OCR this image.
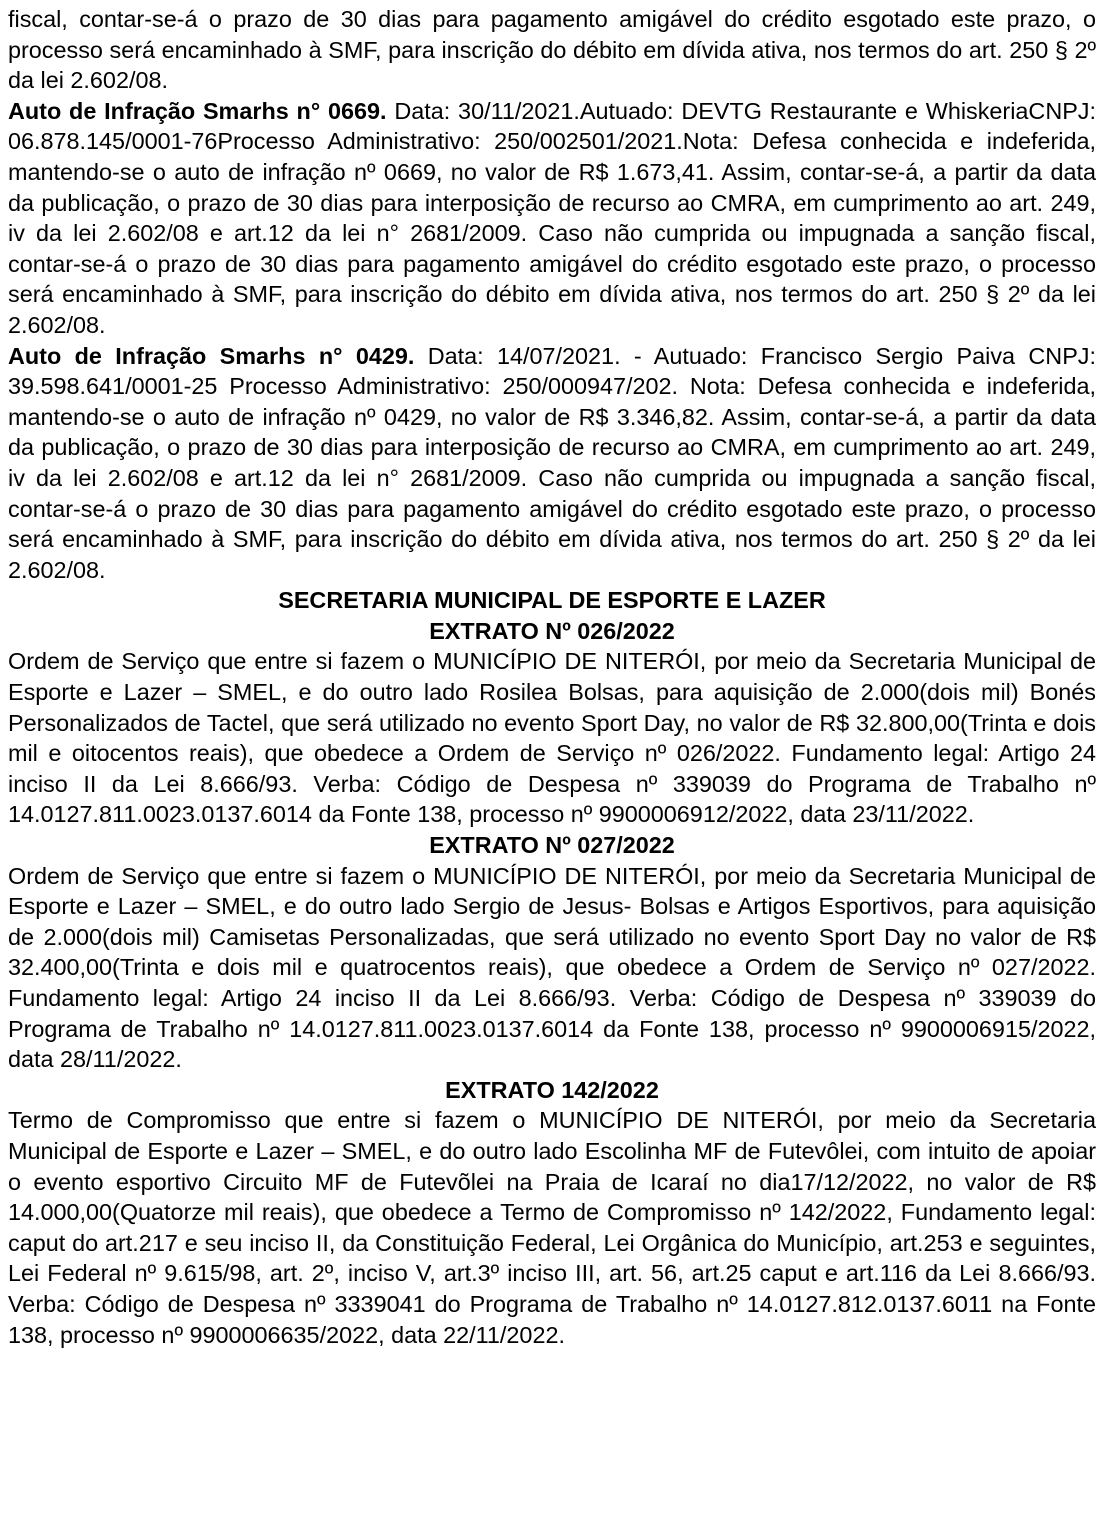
fiscal, contar-se-á o prazo de 30 dias para pagamento amigável do crédito esgotado este prazo, o processo será encaminhado à SMF, para inscrição do débito em dívida ativa, nos termos do art. 250 § 2º da lei 2.602/08.

Auto de Infração Smarhs n° 0669. Data: 30/11/2021.Autuado: DEVTG Restaurante e WhiskeriaCNPJ: 06.878.145/0001-76Processo Administrativo: 250/002501/2021.Nota: Defesa conhecida e indeferida, mantendo-se o auto de infração nº 0669, no valor de R$ 1.673,41. Assim, contar-se-á, a partir da data da publicação, o prazo de 30 dias para interposição de recurso ao CMRA, em cumprimento ao art. 249, iv da lei 2.602/08 e art.12 da lei n° 2681/2009. Caso não cumprida ou impugnada a sanção fiscal, contar-se-á o prazo de 30 dias para pagamento amigável do crédito esgotado este prazo, o processo será encaminhado à SMF, para inscrição do débito em dívida ativa, nos termos do art. 250 § 2º da lei 2.602/08.

Auto de Infração Smarhs n° 0429. Data: 14/07/2021. - Autuado: Francisco Sergio Paiva CNPJ: 39.598.641/0001-25 Processo Administrativo: 250/000947/202. Nota: Defesa conhecida e indeferida, mantendo-se o auto de infração nº 0429, no valor de R$ 3.346,82. Assim, contar-se-á, a partir da data da publicação, o prazo de 30 dias para interposição de recurso ao CMRA, em cumprimento ao art. 249, iv da lei 2.602/08 e art.12 da lei n° 2681/2009. Caso não cumprida ou impugnada a sanção fiscal, contar-se-á o prazo de 30 dias para pagamento amigável do crédito esgotado este prazo, o processo será encaminhado à SMF, para inscrição do débito em dívida ativa, nos termos do art. 250 § 2º da lei 2.602/08.

SECRETARIA MUNICIPAL DE ESPORTE E LAZER

EXTRATO Nº 026/2022

Ordem de Serviço que entre si fazem o MUNICÍPIO DE NITERÓI, por meio da Secretaria Municipal de Esporte e Lazer – SMEL, e do outro lado Rosilea Bolsas, para aquisição de 2.000(dois mil) Bonés Personalizados de Tactel, que será utilizado no evento Sport Day, no valor de R$ 32.800,00(Trinta e dois mil e oitocentos reais), que obedece a Ordem de Serviço nº 026/2022. Fundamento legal: Artigo 24 inciso II da Lei 8.666/93. Verba: Código de Despesa nº 339039 do Programa de Trabalho nº 14.0127.811.0023.0137.6014 da Fonte 138, processo nº 9900006912/2022, data 23/11/2022.

EXTRATO Nº 027/2022

Ordem de Serviço que entre si fazem o MUNICÍPIO DE NITERÓI, por meio da Secretaria Municipal de Esporte e Lazer – SMEL, e do outro lado Sergio de Jesus- Bolsas e Artigos Esportivos, para aquisição de 2.000(dois mil) Camisetas Personalizadas, que será utilizado no evento Sport Day no valor de R$ 32.400,00(Trinta e dois mil e quatrocentos reais), que obedece a Ordem de Serviço nº 027/2022. Fundamento legal: Artigo 24 inciso II da Lei 8.666/93. Verba: Código de Despesa nº 339039 do Programa de Trabalho nº 14.0127.811.0023.0137.6014 da Fonte 138, processo nº 9900006915/2022, data 28/11/2022.

EXTRATO 142/2022

Termo de Compromisso que entre si fazem o MUNICÍPIO DE NITERÓI, por meio da Secretaria Municipal de Esporte e Lazer – SMEL, e do outro lado Escolinha MF de Futevôlei, com intuito de apoiar o evento esportivo Circuito MF de Futevõlei na Praia de Icaraí no dia17/12/2022, no valor de R$ 14.000,00(Quatorze mil reais), que obedece a Termo de Compromisso nº 142/2022, Fundamento legal: caput do art.217 e seu inciso II, da Constituição Federal, Lei Orgânica do Município, art.253 e seguintes, Lei Federal nº 9.615/98, art. 2º, inciso V, art.3º inciso III, art. 56, art.25 caput e art.116 da Lei 8.666/93. Verba: Código de Despesa nº 3339041 do Programa de Trabalho nº 14.0127.812.0137.6011 na Fonte 138, processo nº 9900006635/2022, data 22/11/2022.
